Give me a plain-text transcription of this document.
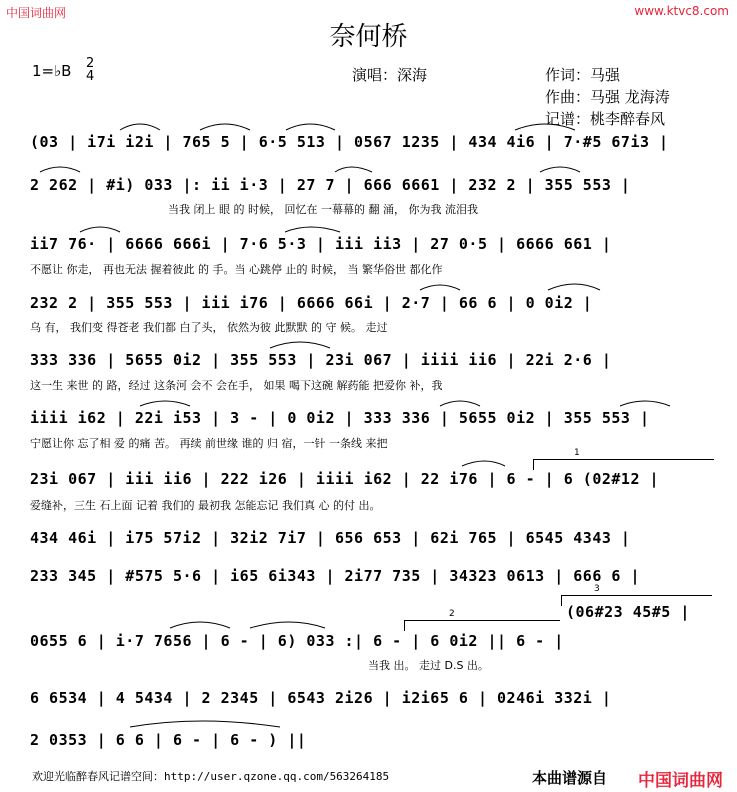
中国词曲网	www.ktvc8.com
奈何桥
1=♭B 2
4	演唱：深海	作词：马强
作曲：马强 龙海涛
记谱：桃李醉春风
(03 | i7i i2i | 765 5 | 6·5 513 | 0567 1235 | 434 4i6 | 7·#5 67i3 |
2 262 | #i) 033 |: ii i·3 | 27 7 | 666 6661 | 232 2 | 355 553 |
当我 闭上 眼 的 时候， 回忆在 一幕幕的 翻 涌， 你为我 流泪我
ii7 76· | 6666 666i | 7·6 5·3 | iii ii3 | 27 0·5 | 6666 661 |
不愿让 你走， 再也无法 握着彼此 的 手。当 心跳停 止的 时候， 当 繁华俗世 都化作
232 2 | 355 553 | iii i76 | 6666 66i | 2·7 | 66 6 | 0 0i2 |
乌 有， 我们变 得苍老 我们都 白了头， 依然为彼 此默默 的 守 候。 走过
333 336 | 5655 0i2 | 355 553 | 23i 067 | iiii ii6 | 22i 2·6 |
这一生 来世 的 路，经过 这条河 会不 会在手， 如果 喝下这碗 解药能 把爱你 补，我
iiii i62 | 22i i53 | 3 - | 0 0i2 | 333 336 | 5655 0i2 | 355 553 |
宁愿让你 忘了相 爱 的痛 苦。 再续 前世缘 谁的 归 宿，一针 一条线 来把
23i 067 | iii ii6 | 222 i26 | iiii i62 | 22 i76 | 6 - | 6 (02#12 |
爱缝补，三生 石上面 记着 我们的 最初我 怎能忘记 我们真 心 的付 出。
434 46i | i75 57i2 | 32i2 7i7 | 656 653 | 62i 765 | 6545 4343 |
233 345 | #575 5·6 | i65 6i343 | 2i77 735 | 34323 0613 | 666 6 |
(06#23 45#5 |
0655 6 | i·7 7656 | 6 - | 6) 033 :| 6 - | 6 0i2 || 6 - |
当我 出。 走过 D.S 出。
6 6534 | 4 5434 | 2 2345 | 6543 2i26 | i2i65 6 | 0246i 332i |
2 0353 | 6 6 | 6 - | 6 - ) ||
1
2
3
欢迎光临醉春风记谱空间：http://user.qzone.qq.com/563264185	本曲谱源自 中国词曲网
